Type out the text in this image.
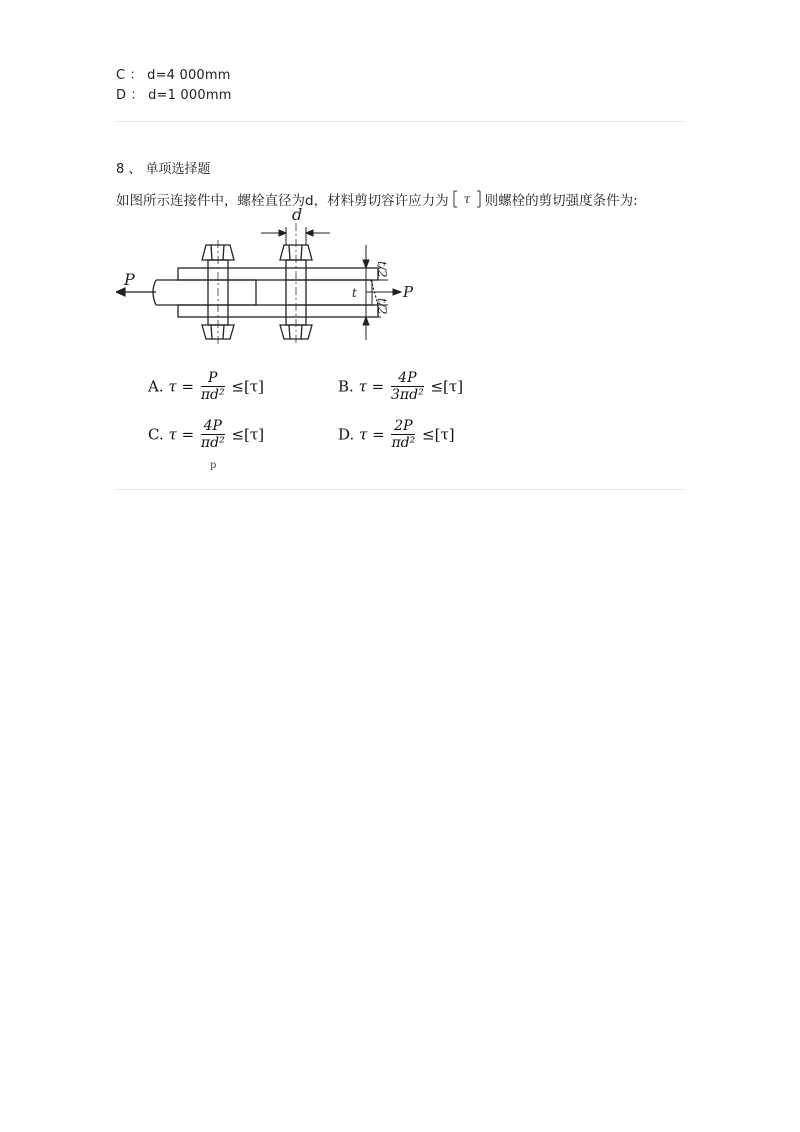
C ： d=4 000mm
D ： d=1 000mm
8 、 单项选择题
如图所示连接件中，螺栓直径为d，材料剪切容许应力为 τ 则螺栓的剪切强度条件为:
d
P
P
t
t/2
t/2
A. $\tau = \frac{P}{\text{πd²}} \le[\tau]$	B. $\tau = \frac{4P}{\text{3πd²}} \le[\tau]$
C. $\tau = \frac{4P}{\text{πd²}} \le[\tau]$	D. $\tau = \frac{2P}{\text{πd²}} \le[\tau]$
p
